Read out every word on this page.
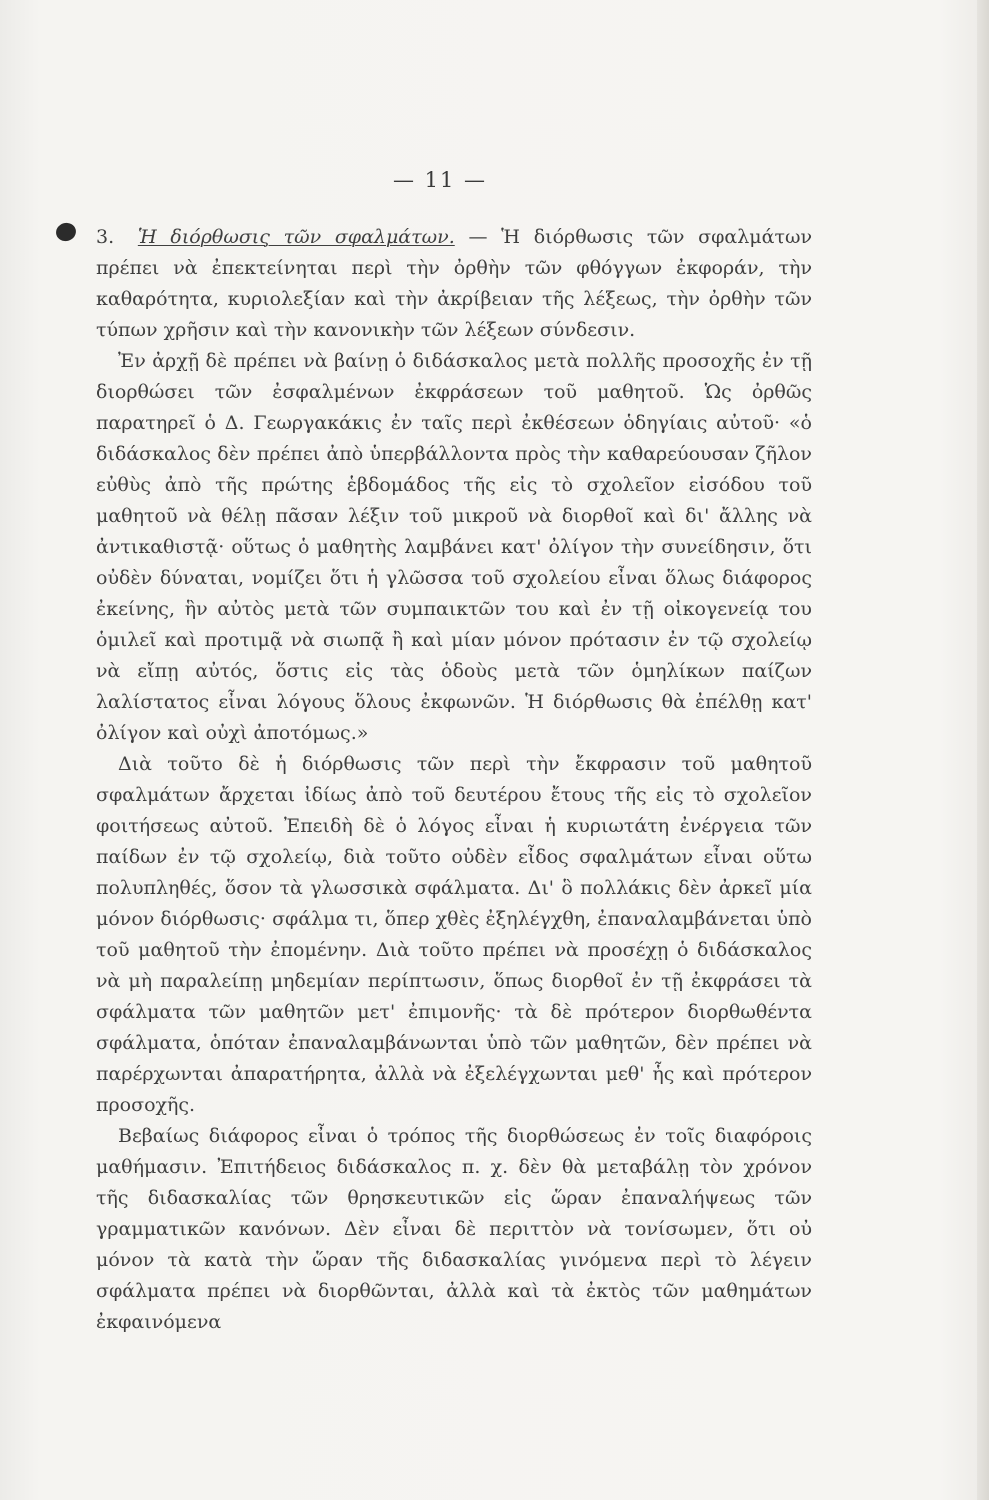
— 11 —

3. Ἡ διόρθωσις τῶν σφαλμάτων. — Ἡ διόρθωσις τῶν σφαλμάτων πρέπει νὰ ἐπεκτείνηται περὶ τὴν ὀρθὴν τῶν φθόγγων ἐκφοράν, τὴν καθαρότητα, κυριολεξίαν καὶ τὴν ἀκρίβειαν τῆς λέξεως, τὴν ὀρθὴν τῶν τύπων χρῆσιν καὶ τὴν κανονικὴν τῶν λέξεων σύνδεσιν.

Ἐν ἀρχῇ δὲ πρέπει νὰ βαίνῃ ὁ διδάσκαλος μετὰ πολλῆς προσοχῆς ἐν τῇ διορθώσει τῶν ἐσφαλμένων ἐκφράσεων τοῦ μαθητοῦ. Ὡς ὀρθῶς παρατηρεῖ ὁ Δ. Γεωργακάκις ἐν ταῖς περὶ ἐκθέσεων ὁδηγίαις αὐτοῦ· «ὁ διδάσκαλος δὲν πρέπει ἀπὸ ὑπερβάλλοντα πρὸς τὴν καθαρεύουσαν ζῆλον εὐθὺς ἀπὸ τῆς πρώτης ἑβδομάδος τῆς εἰς τὸ σχολεῖον εἰσόδου τοῦ μαθητοῦ νὰ θέλῃ πᾶσαν λέξιν τοῦ μικροῦ νὰ διορθοῖ καὶ δι' ἄλλης νὰ ἀντικαθιστᾷ· οὕτως ὁ μαθητὴς λαμβάνει κατ' ὀλίγον τὴν συνείδησιν, ὅτι οὐδὲν δύναται, νομίζει ὅτι ἡ γλῶσσα τοῦ σχολείου εἶναι ὅλως διάφορος ἐκείνης, ἣν αὐτὸς μετὰ τῶν συμπαικτῶν του καὶ ἐν τῇ οἰκογενείᾳ του ὁμιλεῖ καὶ προτιμᾷ νὰ σιωπᾷ ἢ καὶ μίαν μόνον πρότασιν ἐν τῷ σχολείῳ νὰ εἴπῃ αὐτός, ὅστις εἰς τὰς ὁδοὺς μετὰ τῶν ὁμηλίκων παίζων λαλίστατος εἶναι λόγους ὅλους ἐκφωνῶν. Ἡ διόρθωσις θὰ ἐπέλθῃ κατ' ὀλίγον καὶ οὐχὶ ἀποτόμως.»

Διὰ τοῦτο δὲ ἡ διόρθωσις τῶν περὶ τὴν ἔκφρασιν τοῦ μαθητοῦ σφαλμάτων ἄρχεται ἰδίως ἀπὸ τοῦ δευτέρου ἔτους τῆς εἰς τὸ σχολεῖον φοιτήσεως αὐτοῦ. Ἐπειδὴ δὲ ὁ λόγος εἶναι ἡ κυριωτάτη ἐνέργεια τῶν παίδων ἐν τῷ σχολείῳ, διὰ τοῦτο οὐδὲν εἶδος σφαλμάτων εἶναι οὕτω πολυπληθές, ὅσον τὰ γλωσσικὰ σφάλματα. Δι' ὃ πολλάκις δὲν ἀρκεῖ μία μόνον διόρθωσις· σφάλμα τι, ὅπερ χθὲς ἐξηλέγχθη, ἐπαναλαμβάνεται ὑπὸ τοῦ μαθητοῦ τὴν ἐπομένην. Διὰ τοῦτο πρέπει νὰ προσέχῃ ὁ διδάσκαλος νὰ μὴ παραλείπῃ μηδεμίαν περίπτωσιν, ὅπως διορθοῖ ἐν τῇ ἐκφράσει τὰ σφάλματα τῶν μαθητῶν μετ' ἐπιμονῆς· τὰ δὲ πρότερον διορθωθέντα σφάλματα, ὁπόταν ἐπαναλαμβάνωνται ὑπὸ τῶν μαθητῶν, δὲν πρέπει νὰ παρέρχωνται ἀπαρατήρητα, ἀλλὰ νὰ ἐξελέγχωνται μεθ' ἧς καὶ πρότερον προσοχῆς.

Βεβαίως διάφορος εἶναι ὁ τρόπος τῆς διορθώσεως ἐν τοῖς διαφόροις μαθήμασιν. Ἐπιτήδειος διδάσκαλος π. χ. δὲν θὰ μεταβάλῃ τὸν χρόνον τῆς διδασκαλίας τῶν θρησκευτικῶν εἰς ὥραν ἐπαναλήψεως τῶν γραμματικῶν κανόνων. Δὲν εἶναι δὲ περιττὸν νὰ τονίσωμεν, ὅτι οὐ μόνον τὰ κατὰ τὴν ὥραν τῆς διδασκαλίας γινόμενα περὶ τὸ λέγειν σφάλματα πρέπει νὰ διορθῶνται, ἀλλὰ καὶ τὰ ἐκτὸς τῶν μαθημάτων ἐκφαινόμενα
